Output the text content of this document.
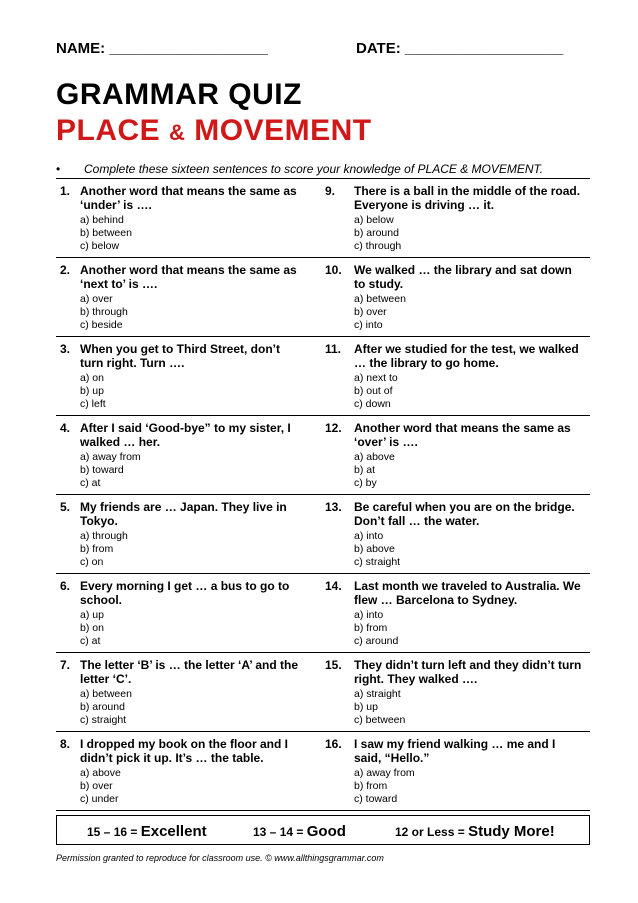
NAME: ___________________	DATE: ___________________
GRAMMAR QUIZ
PLACE & MOVEMENT
• Complete these sixteen sentences to score your knowledge of PLACE & MOVEMENT.
1. Another word that means the same as ‘under’ is ….
a) behind
b) between
c) below
9. There is a ball in the middle of the road. Everyone is driving … it.
a) below
b) around
c) through
2. Another word that means the same as ‘next to’ is ….
a) over
b) through
c) beside
10. We walked … the library and sat down to study.
a) between
b) over
c) into
3. When you get to Third Street, don’t turn right. Turn ….
a) on
b) up
c) left
11. After we studied for the test, we walked … the library to go home.
a) next to
b) out of
c) down
4. After I said ‘Good-bye” to my sister, I walked … her.
a) away from
b) toward
c) at
12. Another word that means the same as ‘over’ is ….
a) above
b) at
c) by
5. My friends are … Japan. They live in Tokyo.
a) through
b) from
c) on
13. Be careful when you are on the bridge. Don’t fall … the water.
a) into
b) above
c) straight
6. Every morning I get … a bus to go to school.
a) up
b) on
c) at
14. Last month we traveled to Australia. We flew … Barcelona to Sydney.
a) into
b) from
c) around
7. The letter ‘B’ is … the letter ‘A’ and the letter ‘C’.
a) between
b) around
c) straight
15. They didn’t turn left and they didn’t turn right. They walked ….
a) straight
b) up
c) between
8. I dropped my book on the floor and I didn’t pick it up. It’s … the table.
a) above
b) over
c) under
16. I saw my friend walking … me and I said, “Hello.”
a) away from
b) from
c) toward
15 – 16 = Excellent	13 – 14 = Good	12 or Less = Study More!
Permission granted to reproduce for classroom use. © www.allthingsgrammar.com
